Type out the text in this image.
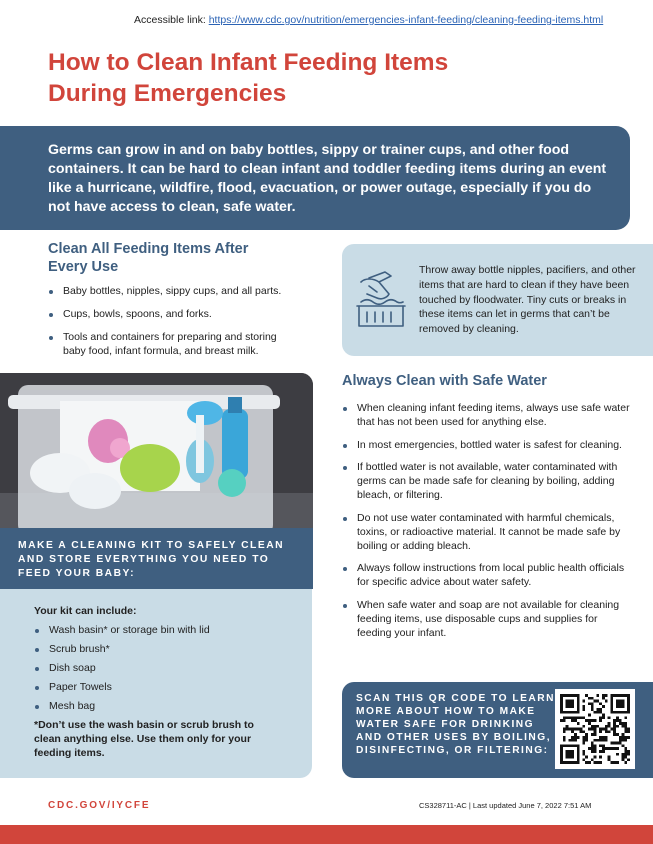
Accessible link: https://www.cdc.gov/nutrition/emergencies-infant-feeding/cleaning-feeding-items.html
How to Clean Infant Feeding Items
During Emergencies
Germs can grow in and on baby bottles, sippy or trainer cups, and other food containers. It can be hard to clean infant and toddler feeding items during an event like a hurricane, wildfire, flood, evacuation, or power outage, especially if you do not have access to clean, safe water.
Clean All Feeding Items After Every Use
Baby bottles, nipples, sippy cups, and all parts.
Cups, bowls, spoons, and forks.
Tools and containers for preparing and storing baby food, infant formula, and breast milk.
MAKE A CLEANING KIT TO SAFELY CLEAN AND STORE EVERYTHING YOU NEED TO FEED YOUR BABY:
Your kit can include:
Wash basin* or storage bin with lid
Scrub brush*
Dish soap
Paper Towels
Mesh bag
*Don’t use the wash basin or scrub brush to clean anything else. Use them only for your feeding items.
Throw away bottle nipples, pacifiers, and other items that are hard to clean if they have been touched by floodwater. Tiny cuts or breaks in these items can let in germs that can’t be removed by cleaning.
Always Clean with Safe Water
When cleaning infant feeding items, always use safe water that has not been used for anything else.
In most emergencies, bottled water is safest for cleaning.
If bottled water is not available, water contaminated with germs can be made safe for cleaning by boiling, adding bleach, or filtering.
Do not use water contaminated with harmful chemicals, toxins, or radioactive material. It cannot be made safe by boiling or adding bleach.
Always follow instructions from local public health officials for specific advice about water safety.
When safe water and soap are not available for cleaning feeding items, use disposable cups and supplies for feeding your infant.
SCAN THIS QR CODE TO LEARN MORE ABOUT HOW TO MAKE WATER SAFE FOR DRINKING AND OTHER USES BY BOILING, DISINFECTING, OR FILTERING:
CDC.GOV/IYCFE	CS328711-AC | Last updated June 7, 2022 7:51 AM
